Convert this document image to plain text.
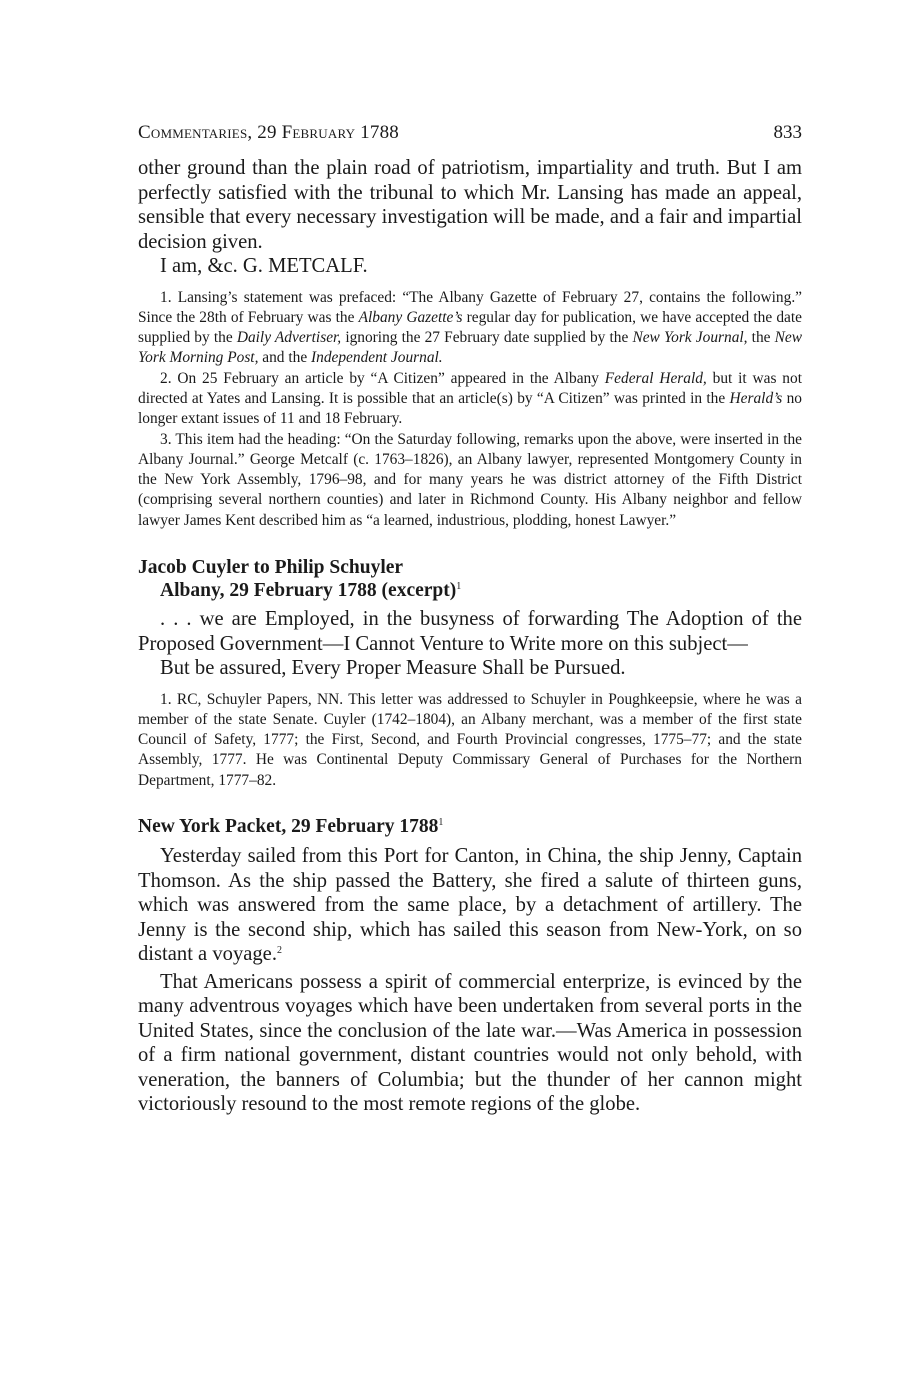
Commentaries, 29 February 1788	833

other ground than the plain road of patriotism, impartiality and truth. But I am perfectly satisfied with the tribunal to which Mr. Lansing has made an appeal, sensible that every necessary investigation will be made, and a fair and impartial decision given.

I am, &c. G. METCALF.

1. Lansing’s statement was prefaced: “The Albany Gazette of February 27, contains the following.” Since the 28th of February was the Albany Gazette’s regular day for publication, we have accepted the date supplied by the Daily Advertiser, ignoring the 27 February date supplied by the New York Journal, the New York Morning Post, and the Independent Journal.

2. On 25 February an article by “A Citizen” appeared in the Albany Federal Herald, but it was not directed at Yates and Lansing. It is possible that an article(s) by “A Citizen” was printed in the Herald’s no longer extant issues of 11 and 18 February.

3. This item had the heading: “On the Saturday following, remarks upon the above, were inserted in the Albany Journal.” George Metcalf (c. 1763–1826), an Albany lawyer, represented Montgomery County in the New York Assembly, 1796–98, and for many years he was district attorney of the Fifth District (comprising several northern counties) and later in Richmond County. His Albany neighbor and fellow lawyer James Kent described him as “a learned, industrious, plodding, honest Lawyer.”

Jacob Cuyler to Philip Schuyler

Albany, 29 February 1788 (excerpt)$^1$

. . . we are Employed, in the busyness of forwarding The Adoption of the Proposed Government—I Cannot Venture to Write more on this subject—

But be assured, Every Proper Measure Shall be Pursued.

1. RC, Schuyler Papers, NN. This letter was addressed to Schuyler in Poughkeepsie, where he was a member of the state Senate. Cuyler (1742–1804), an Albany merchant, was a member of the first state Council of Safety, 1777; the First, Second, and Fourth Provincial congresses, 1775–77; and the state Assembly, 1777. He was Continental Deputy Commissary General of Purchases for the Northern Department, 1777–82.

New York Packet, 29 February 1788$^1$

Yesterday sailed from this Port for Canton, in China, the ship Jenny, Captain Thomson. As the ship passed the Battery, she fired a salute of thirteen guns, which was answered from the same place, by a detachment of artillery. The Jenny is the second ship, which has sailed this season from New-York, on so distant a voyage.$^2$

That Americans possess a spirit of commercial enterprize, is evinced by the many adventrous voyages which have been undertaken from several ports in the United States, since the conclusion of the late war.—Was America in possession of a firm national government, distant countries would not only behold, with veneration, the banners of Columbia; but the thunder of her cannon might victoriously resound to the most remote regions of the globe.
